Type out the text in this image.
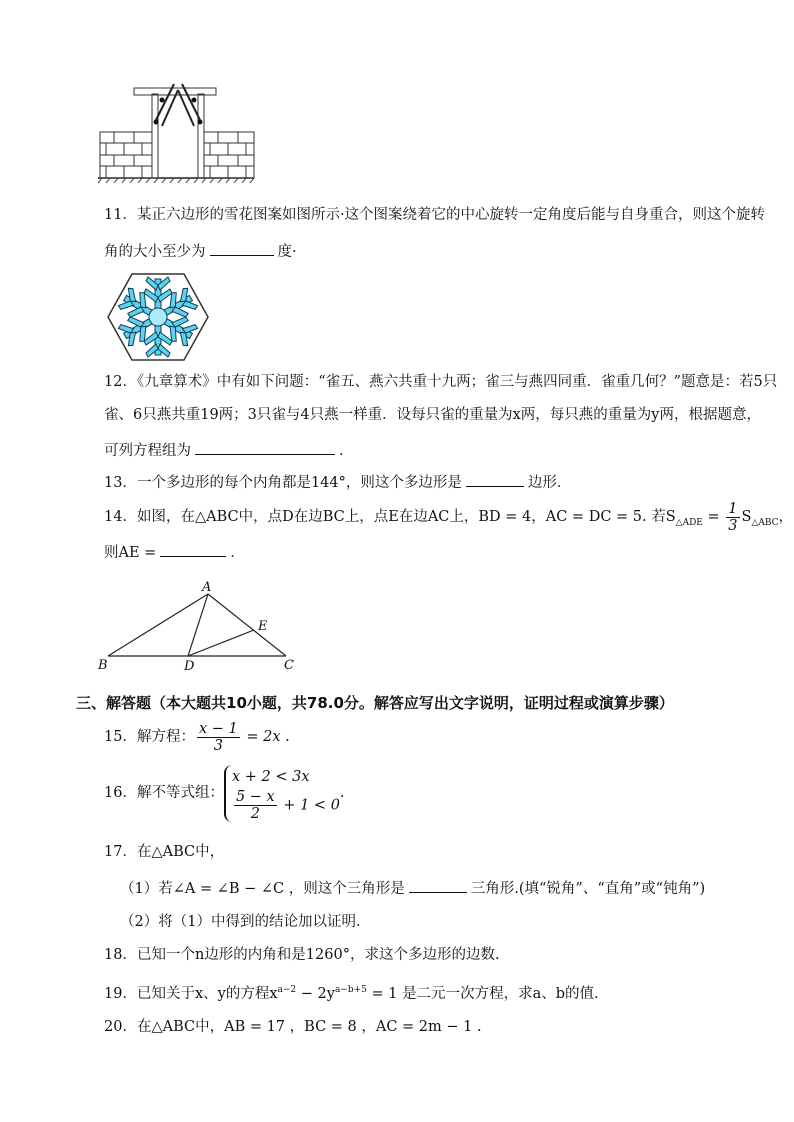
11．某正六边形的雪花图案如图所示·这个图案绕着它的中心旋转一定角度后能与自身重合，则这个旋转
角的大小至少为	度·
12．《九章算术》中有如下问题：“雀五、燕六共重十九两；雀三与燕四同重．雀重几何？”题意是：若5只
雀、6只燕共重19两；3只雀与4只燕一样重．设每只雀的重量为x两，每只燕的重量为y两，根据题意，
可列方程组为	．
13．一个多边形的每个内角都是144°，则这个多边形是	边形．
14．如图，在△ABC中，点D在边BC上，点E在边AC上，BD = 4，AC = DC = 5. 若$S_{\triangle ADE} = \frac{1}{3} S_{\triangle ABC}$，
则AE =	．
A
B	C
D
E
三、解答题（本大题共10小题，共78.0分。解答应写出文字说明，证明过程或演算步骤）
15．解方程： $\frac{x - 1}{3} = 2x$ .
16．解不等式组：
x + 2 < 3x
$\frac{5 - x}{2} + 1 < 0$
.
17．在△ABC中，
（1）若∠A = ∠B − ∠C ，则这个三角形是	三角形.(填“锐角”、“直角”或“钝角”)
（2）将（1）中得到的结论加以证明.
18．已知一个n边形的内角和是1260°，求这个多边形的边数.
19．已知关于x、y的方程$x^{a-2} - 2y^{a-b+5} = 1$ 是二元一次方程，求a、b的值.
20．在△ABC中，AB = 17 ，BC = 8 ，AC = 2m − 1 .
